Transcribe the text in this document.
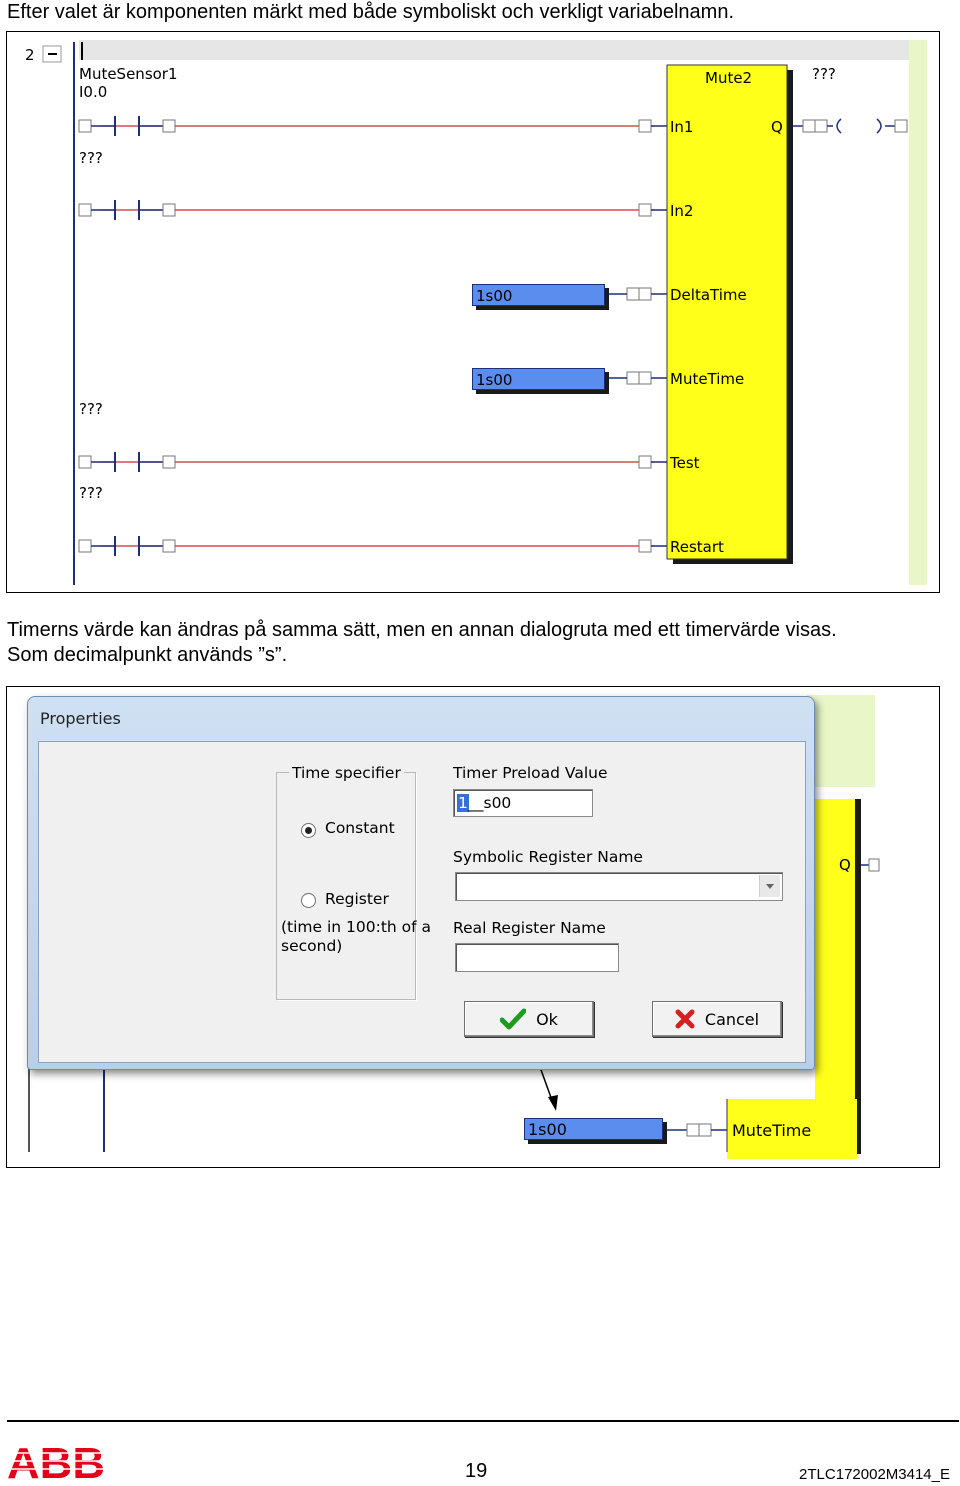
Efter valet är komponenten märkt med både symboliskt och verkligt variabelnamn.

2
MuteSensor1
I0.0
???
???
???
Mute2	???
Q
In1
In2
DeltaTime
MuteTime
Test
Restart
1s00
1s00

Timerns värde kan ändras på samma sätt, men en annan dialogruta med ett timervärde visas.

Som decimalpunkt används ”s”.

Q
1s00	MuteTime
Properties
Time specifier
Constant
Register
(time in 100:th of a
second)
Timer Preload Value
1 __s00
Symbolic Register Name
Real Register Name
Ok	Cancel
ABB	19	2TLC172002M3414_E
